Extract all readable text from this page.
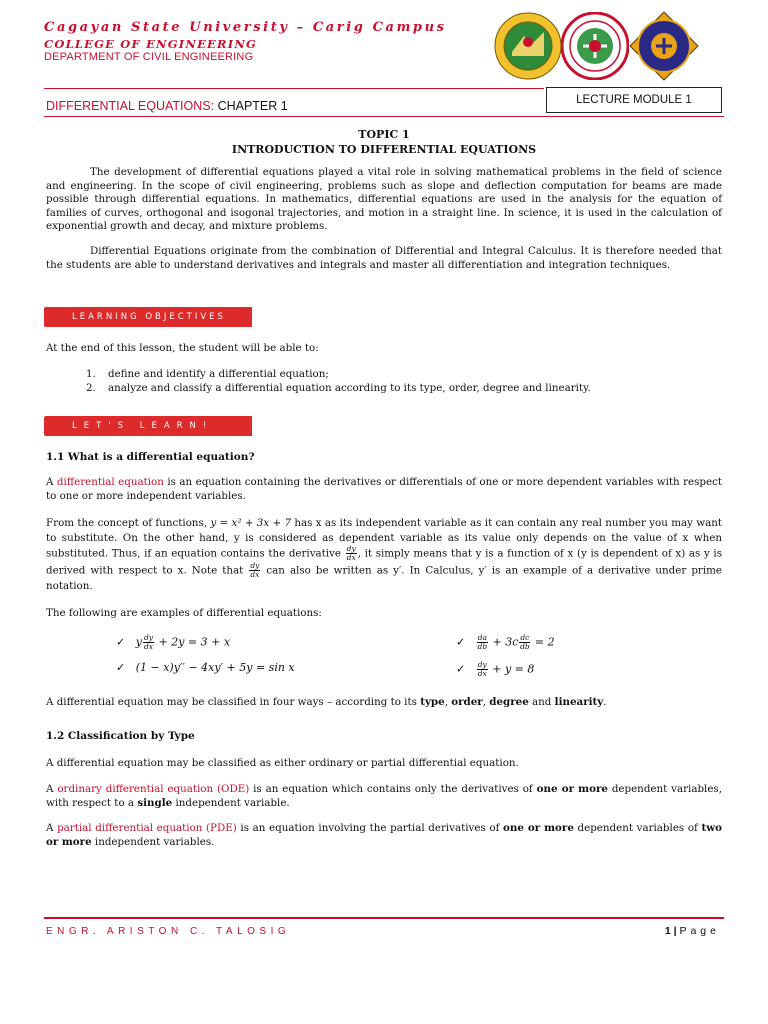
Cagayan State University – Carig Campus
COLLEGE OF ENGINEERING
DEPARTMENT OF CIVIL ENGINEERING
DIFFERENTIAL EQUATIONS: CHAPTER 1	LECTURE MODULE 1
TOPIC 1
INTRODUCTION TO DIFFERENTIAL EQUATIONS

The development of differential equations played a vital role in solving mathematical problems in the field of science and engineering. In the scope of civil engineering, problems such as slope and deflection computation for beams are made possible through differential equations. In mathematics, differential equations are used in the analysis for the equation of families of curves, orthogonal and isogonal trajectories, and motion in a straight line. In science, it is used in the calculation of exponential growth and decay, and mixture problems.

Differential Equations originate from the combination of Differential and Integral Calculus. It is therefore needed that the students are able to understand derivatives and integrals and master all differentiation and integration techniques.

LEARNING OBJECTIVES
At the end of this lesson, the student will be able to:
1. define and identify a differential equation;
2. analyze and classify a differential equation according to its type, order, degree and linearity.
LET'S LEARN!
1.1 What is a differential equation?

A differential equation is an equation containing the derivatives or differentials of one or more dependent variables with respect to one or more independent variables.

From the concept of functions, y = x² + 3x + 7 has x as its independent variable as it can contain any real number you may want to substitute. On the other hand, y is considered as dependent variable as its value only depends on the value of x when substituted. Thus, if an equation contains the derivative $\frac{dy}{dx}$ , it simply means that y is a function of x (y is dependent of x) as y is derived with respect to x. Note that $\frac{dy}{dx}$ can also be written as y′. In Calculus, y′ is an example of a derivative under prime notation.

The following are examples of differential equations:
✓ y $\frac{dy}{dx} + 2y = 3 + x$
✓ (1 − x)y′′ − 4xy′ + 5y = sin x
✓ $\frac{da}{db} + 3c \frac{dc}{db} = 2$
✓ $\frac{dy}{dx} + y = 8$
A differential equation may be classified in four ways – according to its type, order, degree and linearity.
1.2 Classification by Type
A differential equation may be classified as either ordinary or partial differential equation.

A ordinary differential equation (ODE) is an equation which contains only the derivatives of one or more dependent variables, with respect to a single independent variable.

A partial differential equation (PDE) is an equation involving the partial derivatives of one or more dependent variables of two or more independent variables.

ENGR. ARISTON C. TALOSIG	1 | Page
